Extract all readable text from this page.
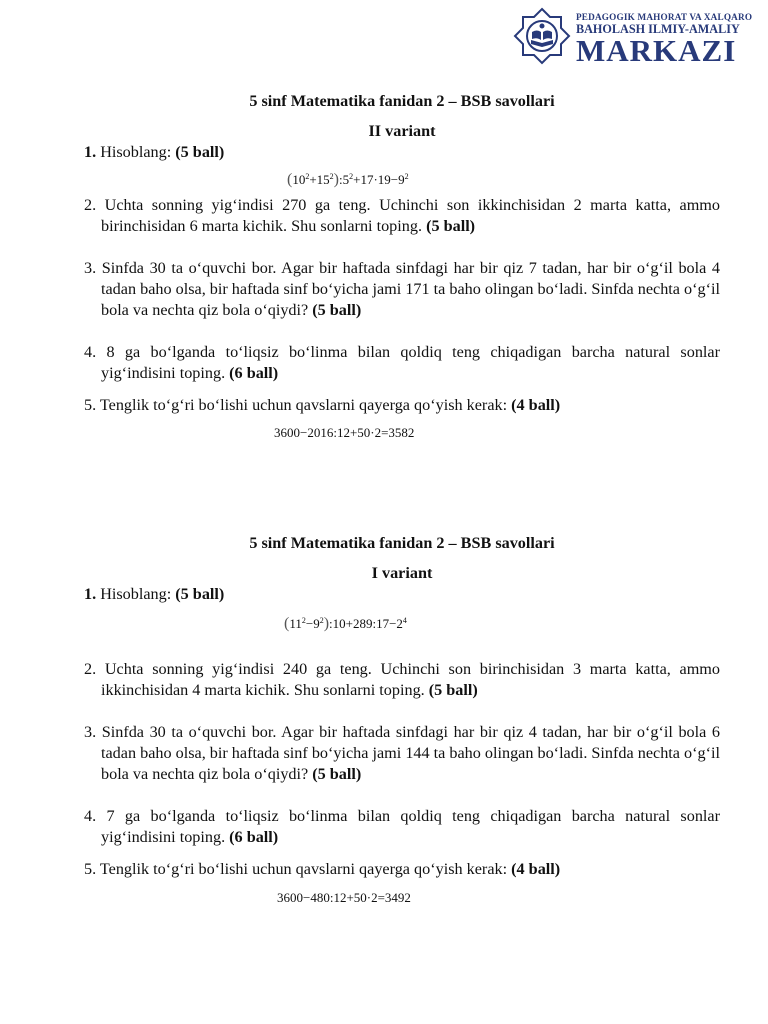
PEDAGOGIK MAHORAT VA XALQARO
BAHOLASH ILMIY-AMALIY
MARKAZI

5 sinf Matematika fanidan 2 – BSB savollari

II variant

1. Hisoblang: (5 ball)

$(10^2+15^2):5^2+17\cdot 19-9^2$

2. Uchta sonning yig‘indisi 270 ga teng. Uchinchi son ikkinchisidan 2 marta katta, ammo birinchisidan 6 marta kichik. Shu sonlarni toping. (5 ball)

3. Sinfda 30 ta o‘quvchi bor. Agar bir haftada sinfdagi har bir qiz 7 tadan, har bir o‘g‘il bola 4 tadan baho olsa, bir haftada sinf bo‘yicha jami 171 ta baho olingan bo‘ladi. Sinfda nechta o‘g‘il bola va nechta qiz bola o‘qiydi? (5 ball)

4. 8 ga bo‘lganda to‘liqsiz bo‘linma bilan qoldiq teng chiqadigan barcha natural sonlar yig‘indisini toping. (6 ball)

5. Tenglik to‘g‘ri bo‘lishi uchun qavslarni qayerga qo‘yish kerak: (4 ball)

3600−2016:12+50·2=3582

5 sinf Matematika fanidan 2 – BSB savollari

I variant

1. Hisoblang: (5 ball)

$(11^2-9^2):10+289:17-2^4$

2. Uchta sonning yig‘indisi 240 ga teng. Uchinchi son birinchisidan 3 marta katta, ammo ikkinchisidan 4 marta kichik. Shu sonlarni toping. (5 ball)

3. Sinfda 30 ta o‘quvchi bor. Agar bir haftada sinfdagi har bir qiz 4 tadan, har bir o‘g‘il bola 6 tadan baho olsa, bir haftada sinf bo‘yicha jami 144 ta baho olingan bo‘ladi. Sinfda nechta o‘g‘il bola va nechta qiz bola o‘qiydi? (5 ball)

4. 7 ga bo‘lganda to‘liqsiz bo‘linma bilan qoldiq teng chiqadigan barcha natural sonlar yig‘indisini toping. (6 ball)

5. Tenglik to‘g‘ri bo‘lishi uchun qavslarni qayerga qo‘yish kerak: (4 ball)

3600−480:12+50·2=3492
